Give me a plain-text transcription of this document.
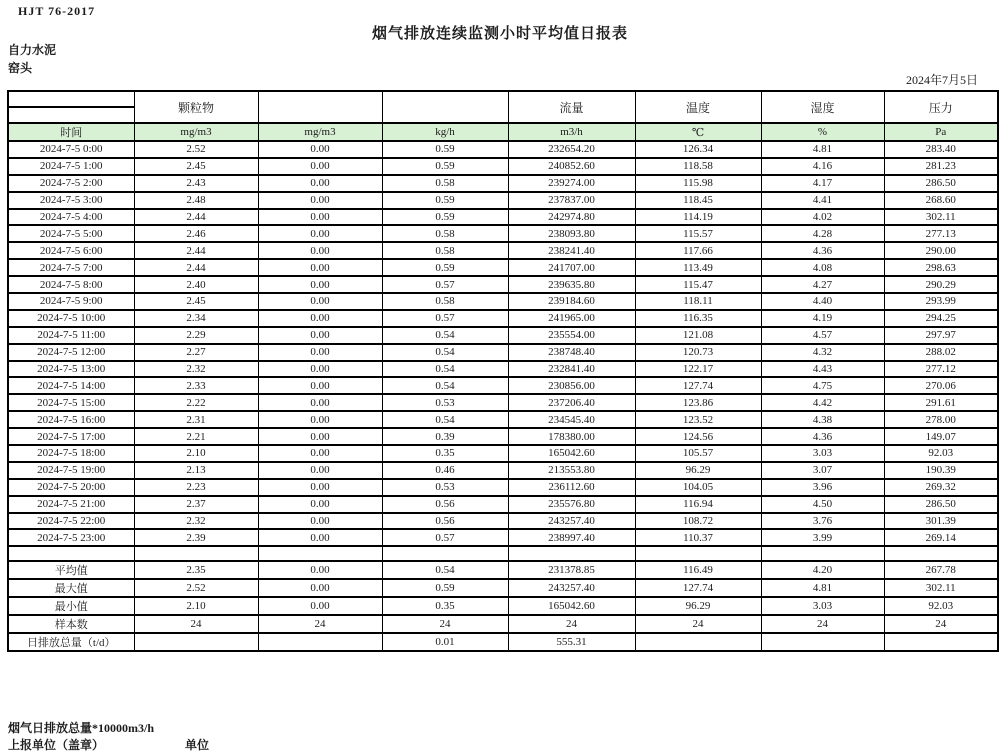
HJT 76-2017
烟气排放连续监测小时平均值日报表
自力水泥
窑头
2024年7月5日
	颗粒物			流量	温度	湿度	压力

时间	mg/m3	mg/m3	kg/h	m3/h	℃	%	Pa
2024-7-5 0:00	2.52	0.00	0.59	232654.20	126.34	4.81	283.40
2024-7-5 1:00	2.45	0.00	0.59	240852.60	118.58	4.16	281.23
2024-7-5 2:00	2.43	0.00	0.58	239274.00	115.98	4.17	286.50
2024-7-5 3:00	2.48	0.00	0.59	237837.00	118.45	4.41	268.60
2024-7-5 4:00	2.44	0.00	0.59	242974.80	114.19	4.02	302.11
2024-7-5 5:00	2.46	0.00	0.58	238093.80	115.57	4.28	277.13
2024-7-5 6:00	2.44	0.00	0.58	238241.40	117.66	4.36	290.00
2024-7-5 7:00	2.44	0.00	0.59	241707.00	113.49	4.08	298.63
2024-7-5 8:00	2.40	0.00	0.57	239635.80	115.47	4.27	290.29
2024-7-5 9:00	2.45	0.00	0.58	239184.60	118.11	4.40	293.99
2024-7-5 10:00	2.34	0.00	0.57	241965.00	116.35	4.19	294.25
2024-7-5 11:00	2.29	0.00	0.54	235554.00	121.08	4.57	297.97
2024-7-5 12:00	2.27	0.00	0.54	238748.40	120.73	4.32	288.02
2024-7-5 13:00	2.32	0.00	0.54	232841.40	122.17	4.43	277.12
2024-7-5 14:00	2.33	0.00	0.54	230856.00	127.74	4.75	270.06
2024-7-5 15:00	2.22	0.00	0.53	237206.40	123.86	4.42	291.61
2024-7-5 16:00	2.31	0.00	0.54	234545.40	123.52	4.38	278.00
2024-7-5 17:00	2.21	0.00	0.39	178380.00	124.56	4.36	149.07
2024-7-5 18:00	2.10	0.00	0.35	165042.60	105.57	3.03	92.03
2024-7-5 19:00	2.13	0.00	0.46	213553.80	96.29	3.07	190.39
2024-7-5 20:00	2.23	0.00	0.53	236112.60	104.05	3.96	269.32
2024-7-5 21:00	2.37	0.00	0.56	235576.80	116.94	4.50	286.50
2024-7-5 22:00	2.32	0.00	0.56	243257.40	108.72	3.76	301.39
2024-7-5 23:00	2.39	0.00	0.57	238997.40	110.37	3.99	269.14

平均值	2.35	0.00	0.54	231378.85	116.49	4.20	267.78
最大值	2.52	0.00	0.59	243257.40	127.74	4.81	302.11
最小值	2.10	0.00	0.35	165042.60	96.29	3.03	92.03
样本数	24	24	24	24	24	24	24
日排放总量（t/d）			0.01	555.31			
烟气日排放总量*10000m3/h
上报单位（盖章）	单位
